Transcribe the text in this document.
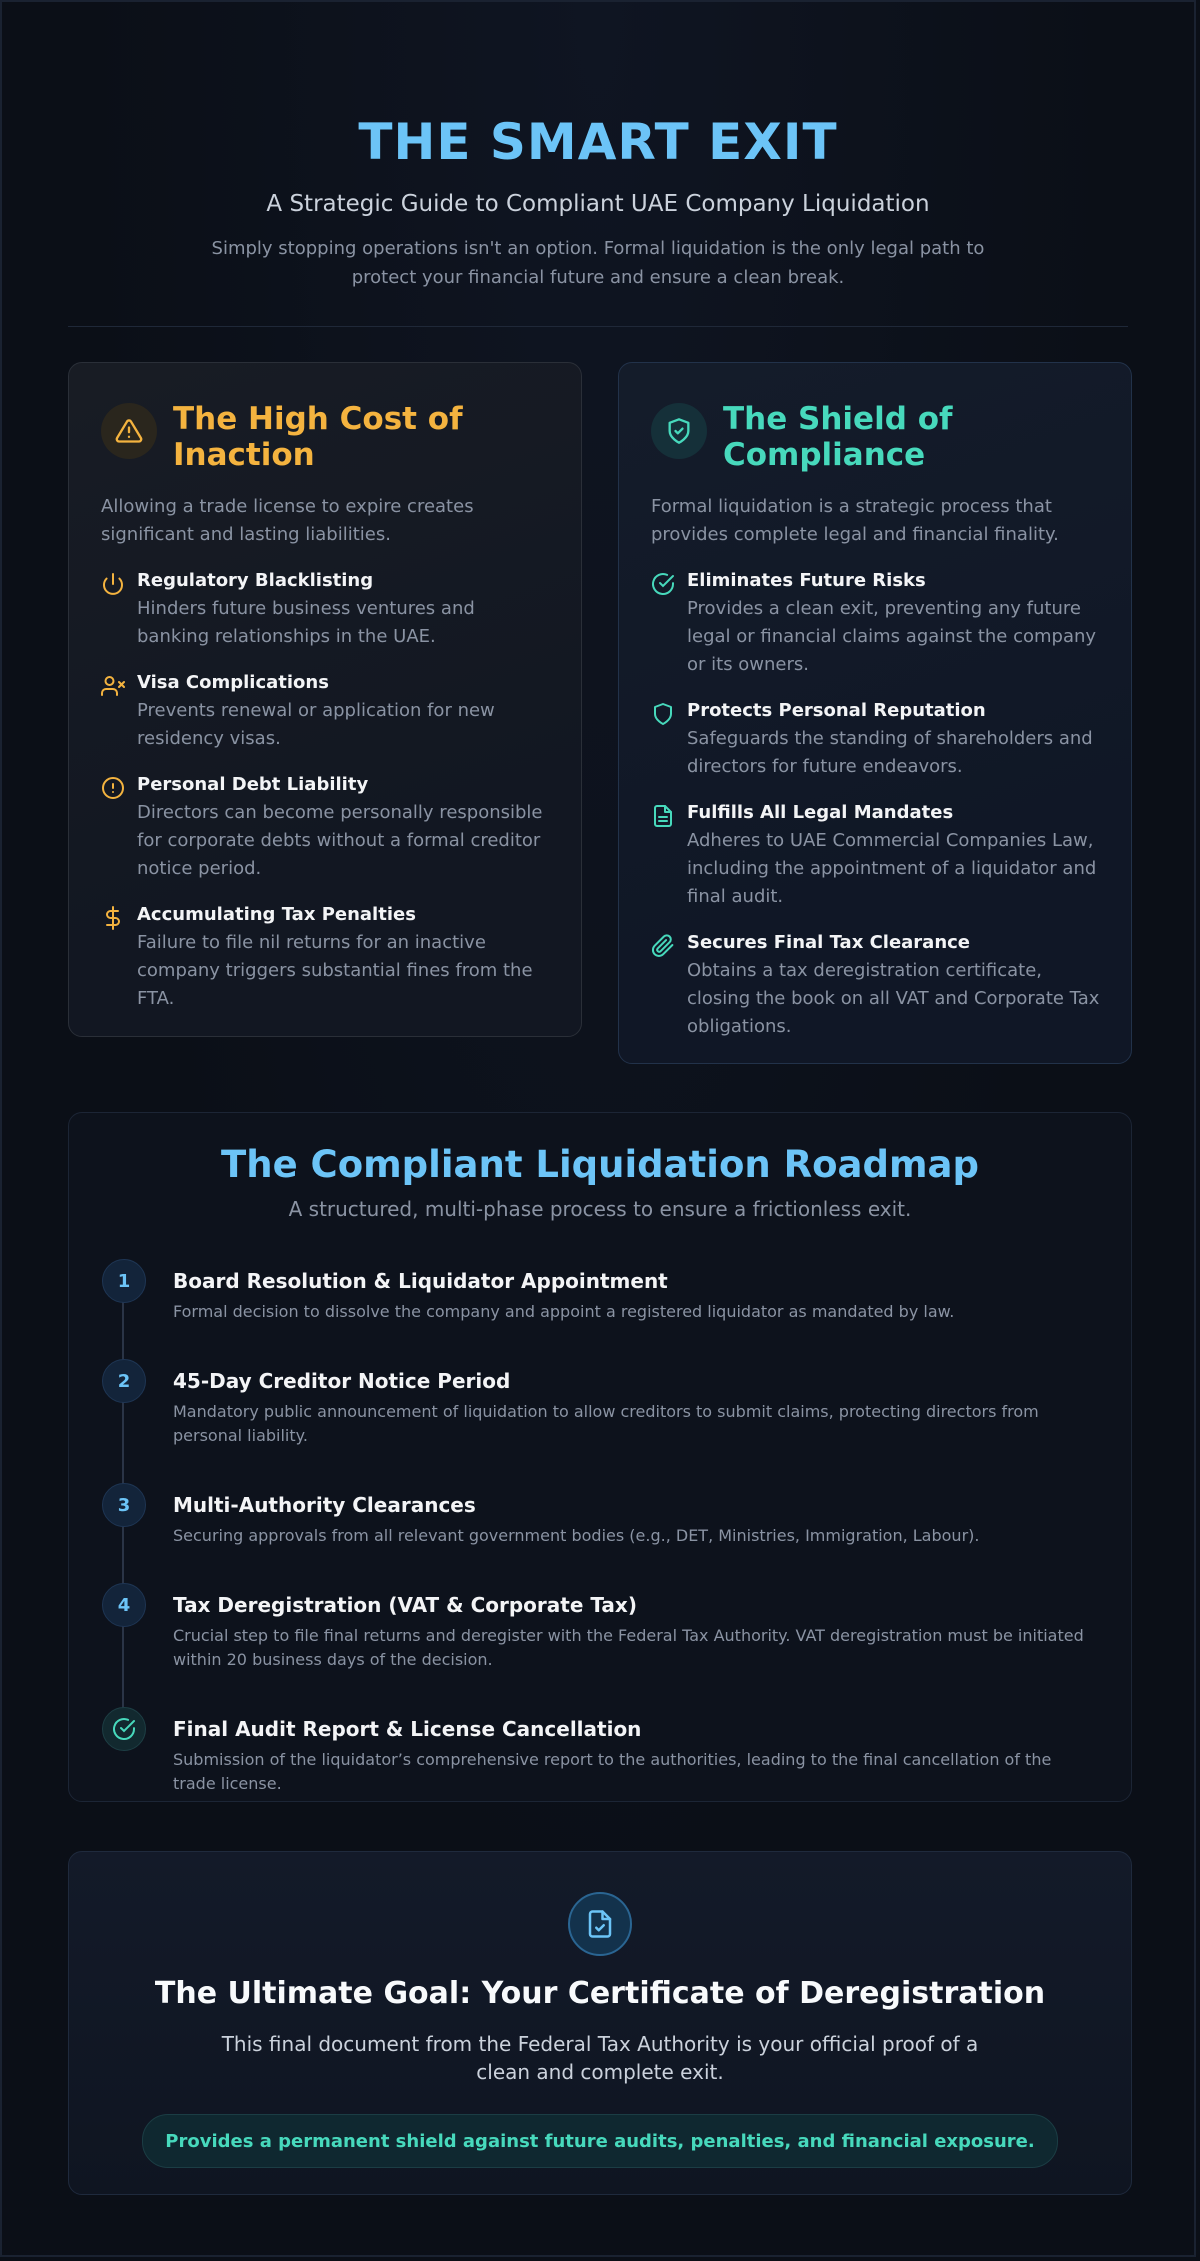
THE SMART EXIT
A Strategic Guide to Compliant UAE Company Liquidation
Simply stopping operations isn't an option. Formal liquidation is the only legal path to protect your financial future and ensure a clean break.
The High Cost of Inaction
Allowing a trade license to expire creates significant and lasting liabilities.
Regulatory Blacklisting
Hinders future business ventures and banking relationships in the UAE.
Visa Complications
Prevents renewal or application for new residency visas.
Personal Debt Liability
Directors can become personally responsible for corporate debts without a formal creditor notice period.
Accumulating Tax Penalties
Failure to file nil returns for an inactive company triggers substantial fines from the FTA.
The Shield of Compliance
Formal liquidation is a strategic process that provides complete legal and financial finality.
Eliminates Future Risks
Provides a clean exit, preventing any future legal or financial claims against the company or its owners.
Protects Personal Reputation
Safeguards the standing of shareholders and directors for future endeavors.
Fulfills All Legal Mandates
Adheres to UAE Commercial Companies Law, including the appointment of a liquidator and final audit.
Secures Final Tax Clearance
Obtains a tax deregistration certificate, closing the book on all VAT and Corporate Tax obligations.
The Compliant Liquidation Roadmap
A structured, multi-phase process to ensure a frictionless exit.
1	Board Resolution & Liquidator Appointment
Formal decision to dissolve the company and appoint a registered liquidator as mandated by law.
2	45-Day Creditor Notice Period
Mandatory public announcement of liquidation to allow creditors to submit claims, protecting directors from personal liability.
3	Multi-Authority Clearances
Securing approvals from all relevant government bodies (e.g., DET, Ministries, Immigration, Labour).
4	Tax Deregistration (VAT & Corporate Tax)
Crucial step to file final returns and deregister with the Federal Tax Authority. VAT deregistration must be initiated within 20 business days of the decision.
Final Audit Report & License Cancellation
Submission of the liquidator’s comprehensive report to the authorities, leading to the final cancellation of the trade license.
The Ultimate Goal: Your Certificate of Deregistration
This final document from the Federal Tax Authority is your official proof of a clean and complete exit.
Provides a permanent shield against future audits, penalties, and financial exposure.
